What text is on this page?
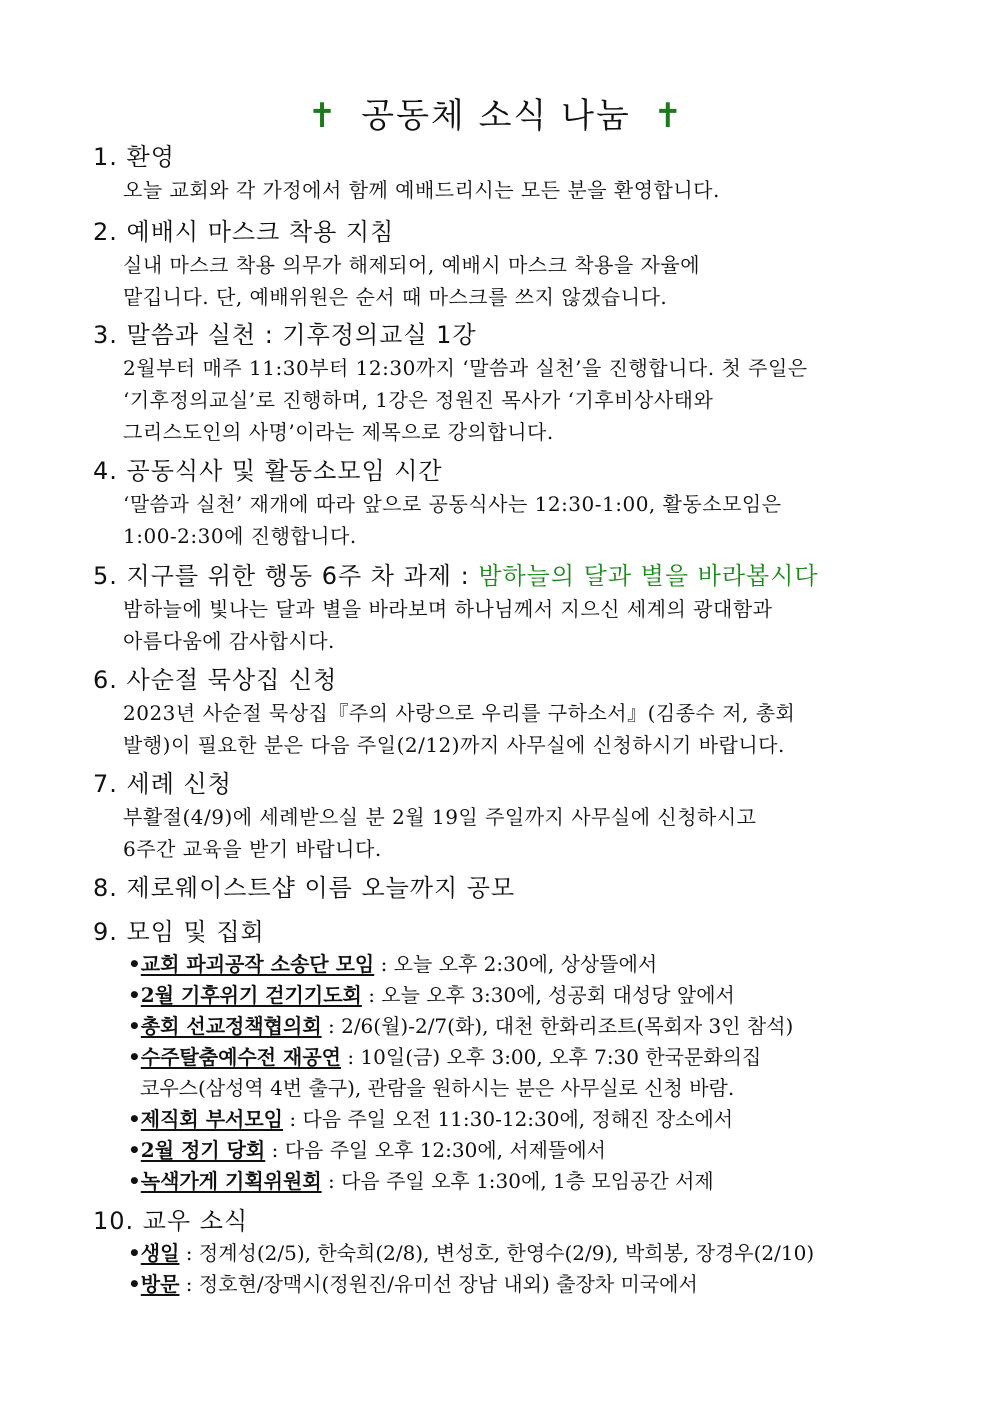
✝ 공동체 소식 나눔 ✝
1. 환영
오늘 교회와 각 가정에서 함께 예배드리시는 모든 분을 환영합니다.
2. 예배시 마스크 착용 지침
실내 마스크 착용 의무가 해제되어, 예배시 마스크 착용을 자율에
맡깁니다. 단, 예배위원은 순서 때 마스크를 쓰지 않겠습니다.
3. 말씀과 실천 : 기후정의교실 1강
2월부터 매주 11:30부터 12:30까지 ‘말씀과 실천’을 진행합니다. 첫 주일은
‘기후정의교실’로 진행하며, 1강은 정원진 목사가 ‘기후비상사태와
그리스도인의 사명’이라는 제목으로 강의합니다.
4. 공동식사 및 활동소모임 시간
‘말씀과 실천’ 재개에 따라 앞으로 공동식사는 12:30-1:00, 활동소모임은
1:00-2:30에 진행합니다.
5. 지구를 위한 행동 6주 차 과제 : 밤하늘의 달과 별을 바라봅시다
밤하늘에 빛나는 달과 별을 바라보며 하나님께서 지으신 세계의 광대함과
아름다움에 감사합시다.
6. 사순절 묵상집 신청
2023년 사순절 묵상집『주의 사랑으로 우리를 구하소서』(김종수 저, 총회
발행)이 필요한 분은 다음 주일(2/12)까지 사무실에 신청하시기 바랍니다.
7. 세례 신청
부활절(4/9)에 세례받으실 분 2월 19일 주일까지 사무실에 신청하시고
6주간 교육을 받기 바랍니다.
8. 제로웨이스트샵 이름 오늘까지 공모
9. 모임 및 집회
•교회 파괴공작 소송단 모임 : 오늘 오후 2:30에, 상상뜰에서
•2월 기후위기 걷기기도회 : 오늘 오후 3:30에, 성공회 대성당 앞에서
•총회 선교정책협의회 : 2/6(월)-2/7(화), 대천 한화리조트(목회자 3인 참석)
•수주탈춤예수전 재공연 : 10일(금) 오후 3:00, 오후 7:30 한국문화의집
코우스(삼성역 4번 출구), 관람을 원하시는 분은 사무실로 신청 바람.
•제직회 부서모임 : 다음 주일 오전 11:30-12:30에, 정해진 장소에서
•2월 정기 당회 : 다음 주일 오후 12:30에, 서제뜰에서
•녹색가게 기획위원회 : 다음 주일 오후 1:30에, 1층 모임공간 서제
10. 교우 소식
•생일 : 정계성(2/5), 한숙희(2/8), 변성호, 한영수(2/9), 박희봉, 장경우(2/10)
•방문 : 정호현/장맥시(정원진/유미선 장남 내외) 출장차 미국에서
